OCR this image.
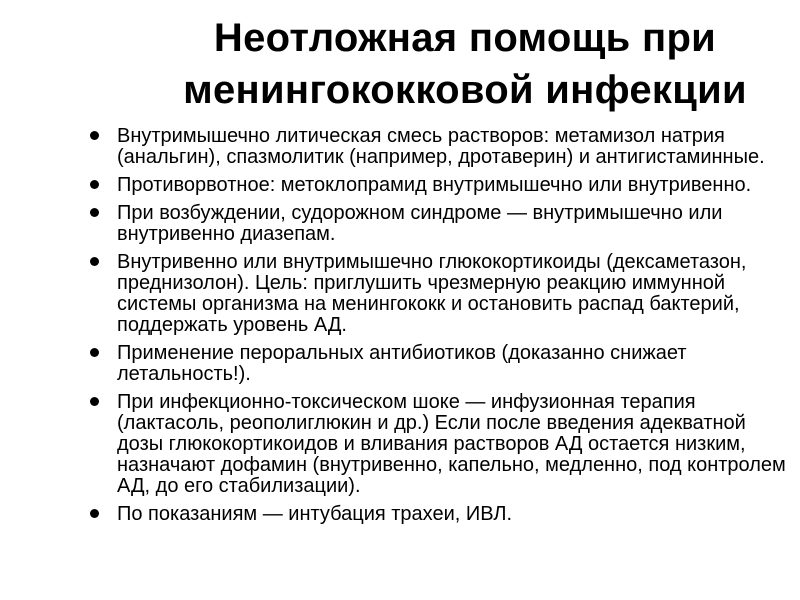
Неотложная помощь при
менингококковой инфекции
Внутримышечно литическая смесь растворов: метамизол натрия (анальгин), спазмолитик (например, дротаверин) и антигистаминные.
Противорвотное: метоклопрамид внутримышечно или внутривенно.
При возбуждении, судорожном синдроме — внутримышечно или внутривенно диазепам.
Внутривенно или внутримышечно глюкокортикоиды (дексаметазон, преднизолон). Цель: приглушить чрезмерную реакцию иммунной системы организма на менингококк и остановить распад бактерий, поддержать уровень АД.
Применение пероральных антибиотиков (доказанно снижает летальность!).
При инфекционно-токсическом шоке — инфузионная терапия (лактасоль, реополиглюкин и др.) Если после введения адекватной дозы глюкокортикоидов и вливания растворов АД остается низким, назначают дофамин (внутривенно, капельно, медленно, под контролем АД, до его стабилизации).
По показаниям — интубация трахеи, ИВЛ.
